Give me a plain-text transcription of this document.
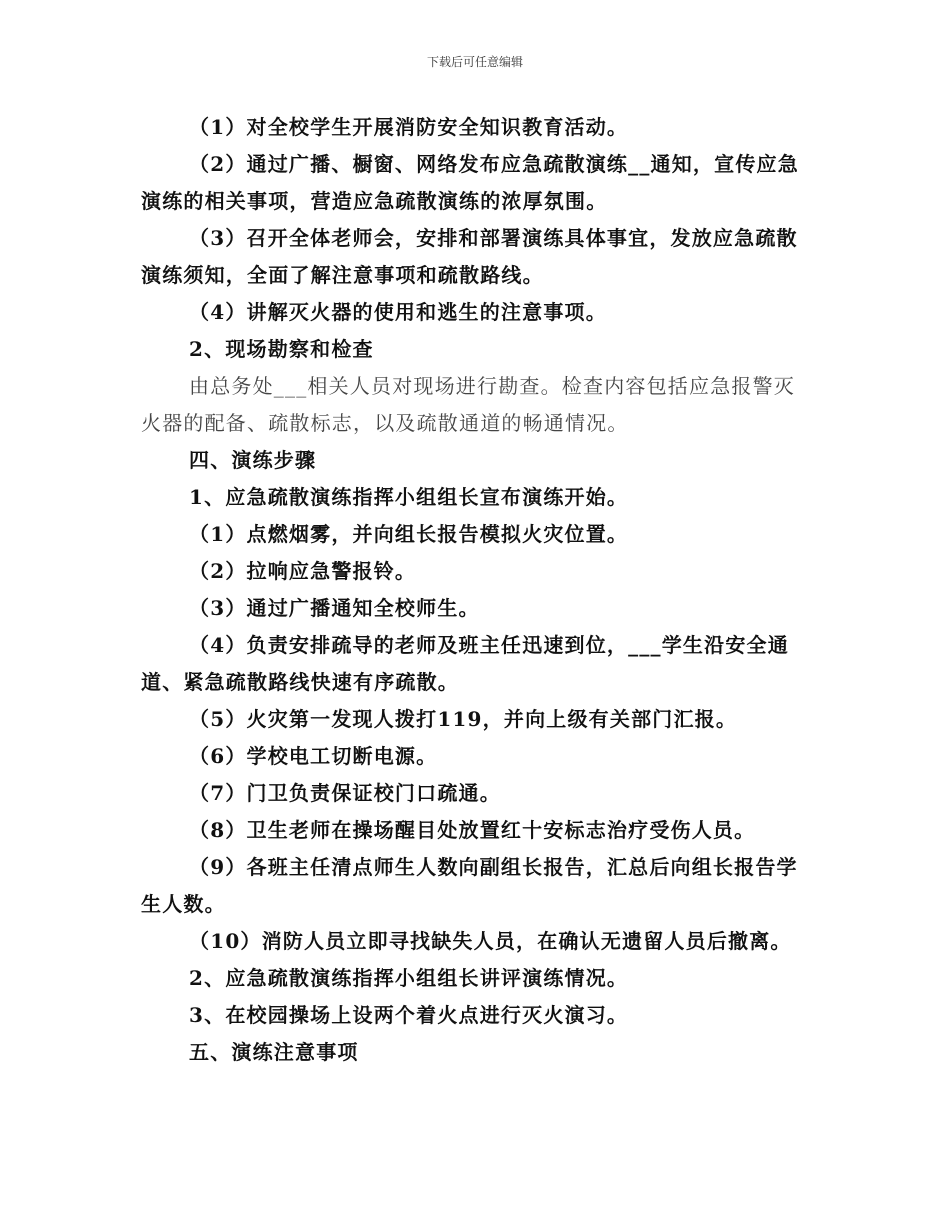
下载后可任意编辑

（1）对全校学生开展消防安全知识教育活动。

（2）通过广播、橱窗、网络发布应急疏散演练__通知，宣传应急演练的相关事项，营造应急疏散演练的浓厚氛围。

（3）召开全体老师会，安排和部署演练具体事宜，发放应急疏散演练须知，全面了解注意事项和疏散路线。

（4）讲解灭火器的使用和逃生的注意事项。

2、现场勘察和检查

由总务处___相关人员对现场进行勘查。检查内容包括应急报警灭火器的配备、疏散标志，以及疏散通道的畅通情况。

四、演练步骤

1、应急疏散演练指挥小组组长宣布演练开始。

（1）点燃烟雾，并向组长报告模拟火灾位置。

（2）拉响应急警报铃。

（3）通过广播通知全校师生。

（4）负责安排疏导的老师及班主任迅速到位，___学生沿安全通道、紧急疏散路线快速有序疏散。

（5）火灾第一发现人拨打119，并向上级有关部门汇报。

（6）学校电工切断电源。

（7）门卫负责保证校门口疏通。

（8）卫生老师在操场醒目处放置红十安标志治疗受伤人员。

（9）各班主任清点师生人数向副组长报告，汇总后向组长报告学生人数。

（10）消防人员立即寻找缺失人员，在确认无遗留人员后撤离。

2、应急疏散演练指挥小组组长讲评演练情况。

3、在校园操场上设两个着火点进行灭火演习。

五、演练注意事项
